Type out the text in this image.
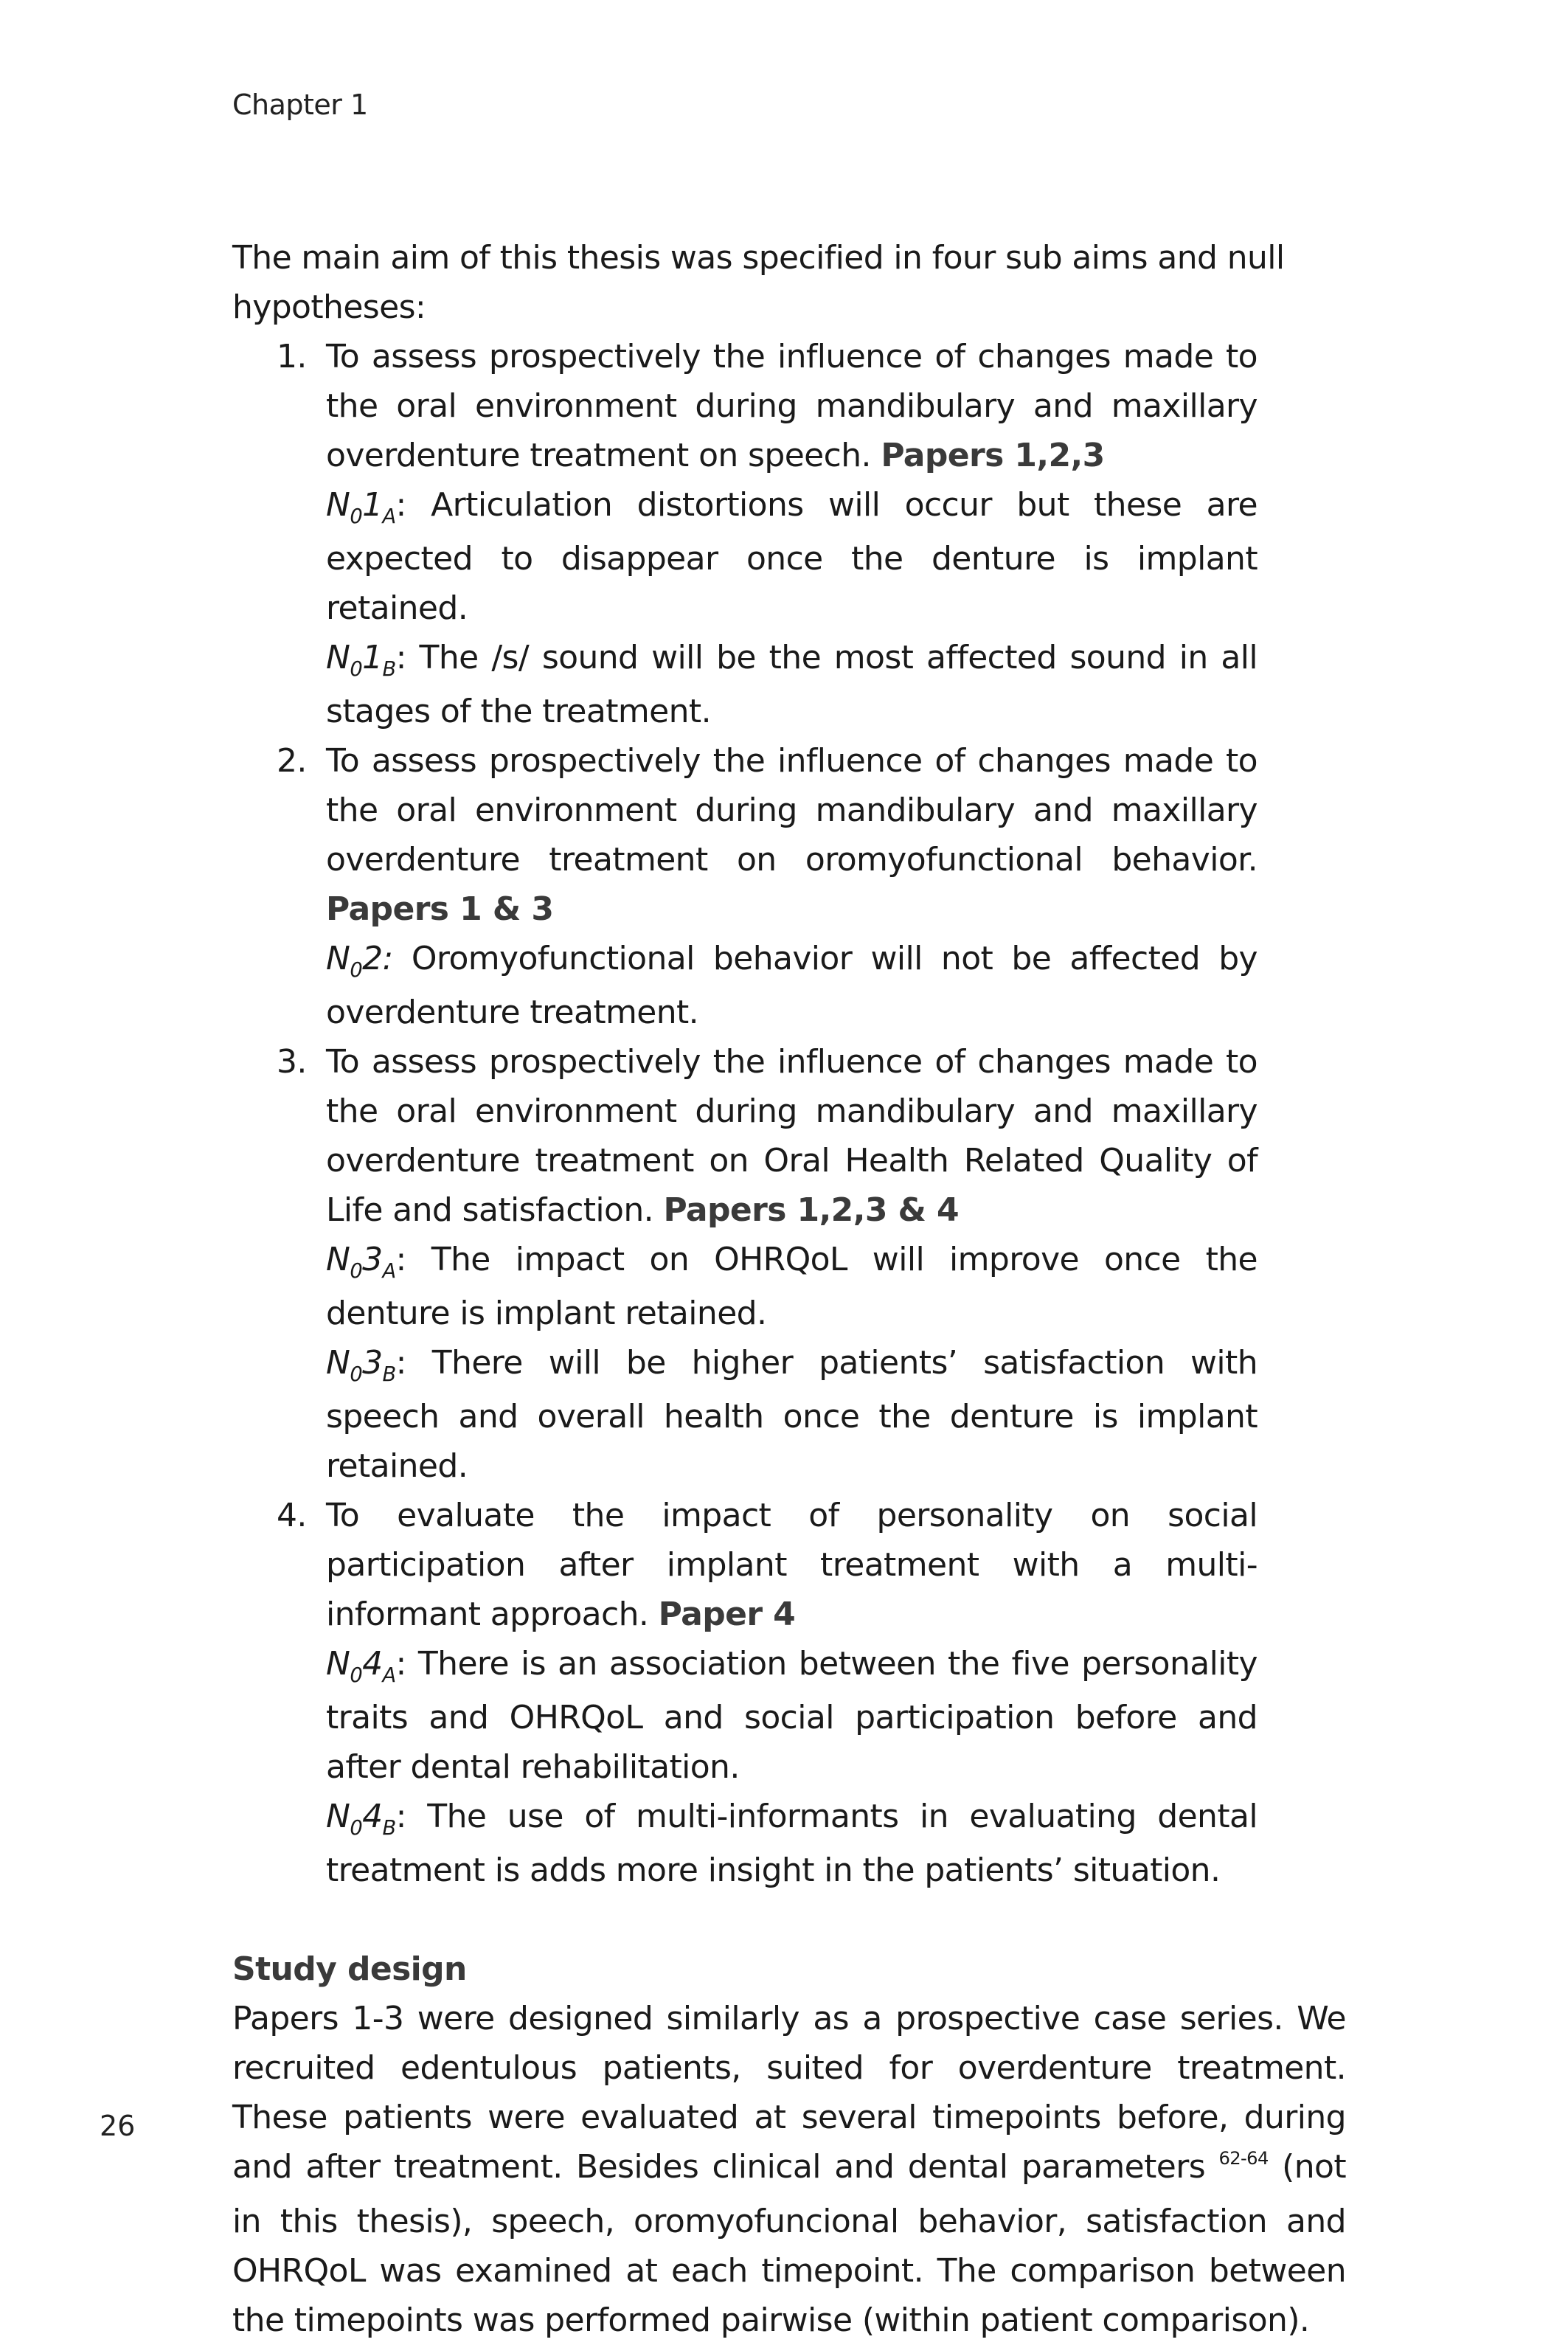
Chapter 1

The main aim of this thesis was specified in four sub aims and null hypotheses:

1. To assess prospectively the influence of changes made to the oral environment during mandibulary and maxillary overdenture treatment on speech. Papers 1,2,3

$N_01_A$: Articulation distortions will occur but these are expected to disappear once the denture is implant retained.

$N_01_B$: The /s/ sound will be the most affected sound in all stages of the treatment.

2. To assess prospectively the influence of changes made to the oral environment during mandibulary and maxillary overdenture treatment on oromyofunctional behavior. Papers 1 & 3

$N_02$: Oromyofunctional behavior will not be affected by overdenture treatment.

3. To assess prospectively the influence of changes made to the oral environment during mandibulary and maxillary overdenture treatment on Oral Health Related Quality of Life and satisfaction. Papers 1,2,3 & 4

$N_03_A$: The impact on OHRQoL will improve once the denture is implant retained.

$N_03_B$: There will be higher patients’ satisfaction with speech and overall health once the denture is implant retained.

4. To evaluate the impact of personality on social participation after implant treatment with a multi-informant approach. Paper 4

$N_04_A$: There is an association between the five personality traits and OHRQoL and social participation before and after dental rehabilitation.

$N_04_B$: The use of multi-informants in evaluating dental treatment is adds more insight in the patients’ situation.

Study design

Papers 1-3 were designed similarly as a prospective case series. We recruited edentulous patients, suited for overdenture treatment. These patients were evaluated at several timepoints before, during and after treatment. Besides clinical and dental parameters $^{62-64}$ (not in this thesis), speech, oromyofuncional behavior, satisfaction and OHRQoL was examined at each timepoint. The comparison between the timepoints was performed pairwise (within patient comparison).

26
